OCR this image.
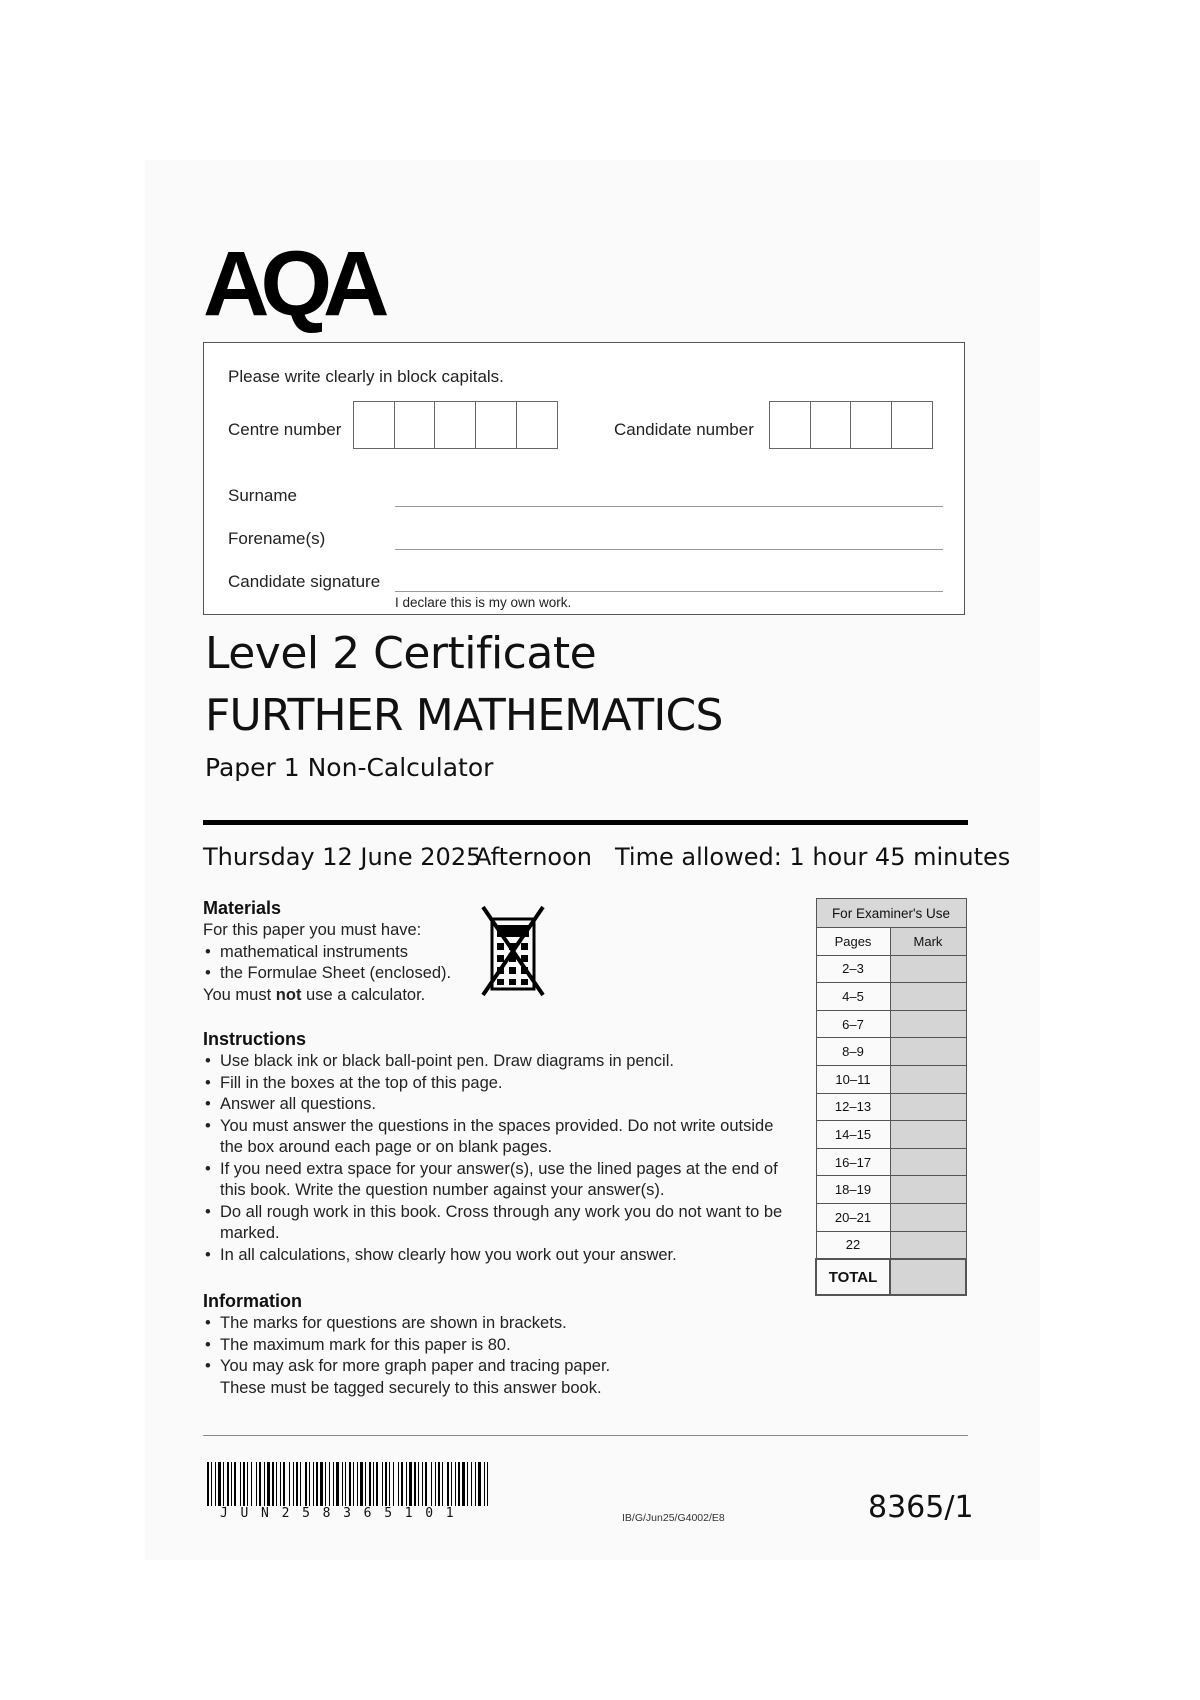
AQA
Please write clearly in block capitals.
Centre number	Candidate number
Surname
Forename(s)
Candidate signature
I declare this is my own work.
Level 2 Certificate
FURTHER MATHEMATICS
Paper 1 Non-Calculator
Thursday 12 June 2025
Afternoon Time allowed: 1 hour 45 minutes
Materials
For this paper you must have:
• mathematical instruments
• the Formulae Sheet (enclosed).
You must not use a calculator.
Instructions
• Use black ink or black ball-point pen. Draw diagrams in pencil.
• Fill in the boxes at the top of this page.
• Answer all questions.
• You must answer the questions in the spaces provided. Do not write outside the box around each page or on blank pages.
• If you need extra space for your answer(s), use the lined pages at the end of this book. Write the question number against your answer(s).
• Do all rough work in this book. Cross through any work you do not want to be marked.
• In all calculations, show clearly how you work out your answer.
Information
• The marks for questions are shown in brackets.
• The maximum mark for this paper is 80.
• You may ask for more graph paper and tracing paper. These must be tagged securely to this answer book.
For Examiner's Use	
Pages	Mark
2–3	
4–5	
6–7	
8–9	
10–11	
12–13	
14–15	
16–17	
18–19	
20–21	
22	
TOTAL	
JUN258365101	IB/G/Jun25/G4002/E8	8365/1
